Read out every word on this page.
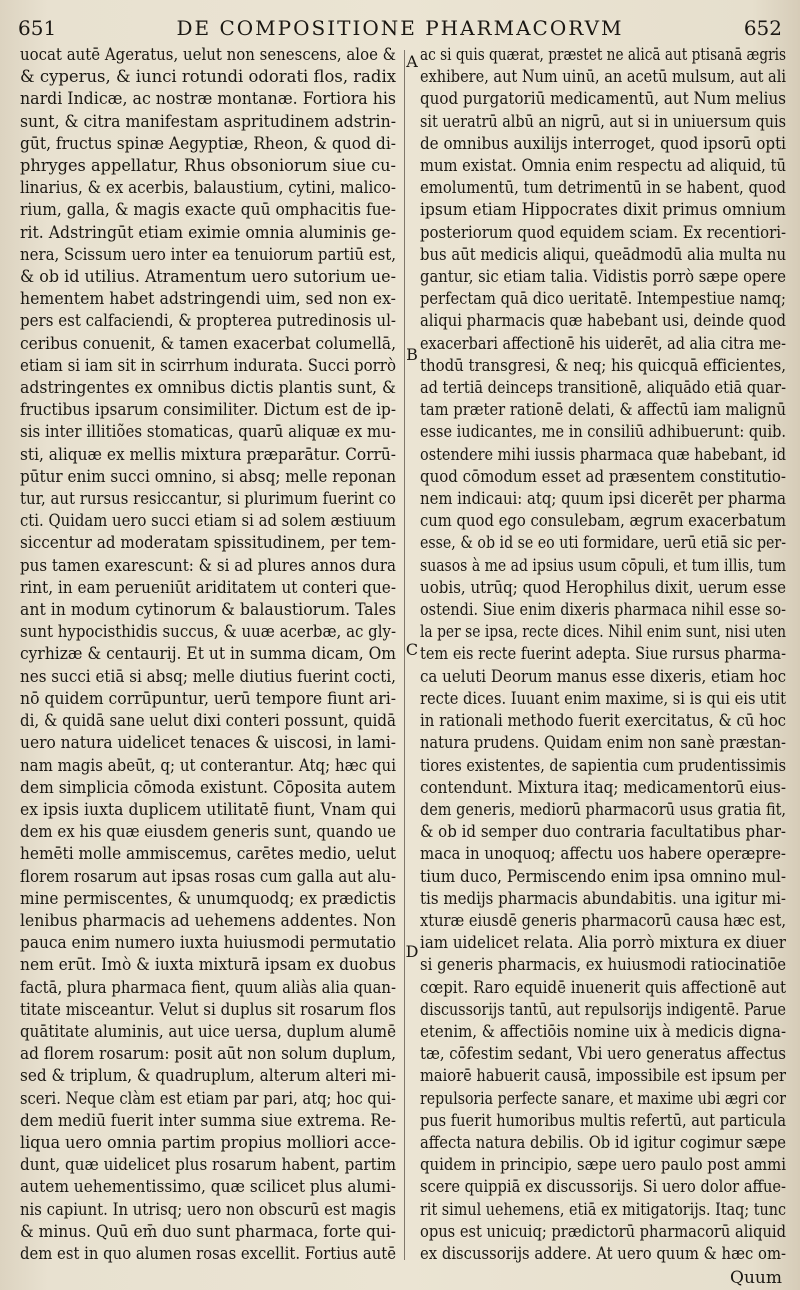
651	DE COMPOSITIONE PHARMACORVM	652
uocat autē Ageratus, uelut non senescens, aloe &
& cyperus, & iunci rotundi odorati flos, radix
nardi Indicæ, ac nostræ montanæ. Fortiora his
sunt, & citra manifestam aspritudinem adstrin-
gūt, fructus spinæ Aegyptiæ, Rheon, & quod di-
phryges appellatur, Rhus obsoniorum siue cu-
linarius, & ex acerbis, balaustium, cytini, malico-
rium, galla, & magis exacte quū omphacitis fue-
rit. Adstringūt etiam eximie omnia aluminis ge-
nera, Scissum uero inter ea tenuiorum partiū est,
& ob id utilius. Atramentum uero sutorium ue-
hementem habet adstringendi uim, sed non ex-
pers est calfaciendi, & propterea putredinosis ul-
ceribus conuenit, & tamen exacerbat columellā,
etiam si iam sit in scirrhum indurata. Succi porrò
adstringentes ex omnibus dictis plantis sunt, &
fructibus ipsarum consimiliter. Dictum est de ip-
sis inter illitiões stomaticas, quarū aliquæ ex mu-
sti, aliquæ ex mellis mixtura præparātur. Corrū-
pūtur enim succi omnino, si absq; melle reponan
tur, aut rursus resiccantur, si plurimum fuerint co
cti. Quidam uero succi etiam si ad solem æstiuum
siccentur ad moderatam spissitudinem, per tem-
pus tamen exarescunt: & si ad plures annos dura
rint, in eam perueniūt ariditatem ut conteri que-
ant in modum cytinorum & balaustiorum. Tales
sunt hypocisthidis succus, & uuæ acerbæ, ac gly-
cyrhizæ & centaurij. Et ut in summa dicam, Om
nes succi etiā si absq; melle diutius fuerint cocti,
nō quidem corrūpuntur, uerū tempore fiunt ari-
di, & quidā sane uelut dixi conteri possunt, quidā
uero natura uidelicet tenaces & uiscosi, in lami-
nam magis abeūt, q; ut conterantur. Atq; hæc qui
dem simplicia cōmoda existunt. Cōposita autem
ex ipsis iuxta duplicem utilitatē fiunt, Vnam qui
dem ex his quæ eiusdem generis sunt, quando ue
hemēti molle ammiscemus, carētes medio, uelut
florem rosarum aut ipsas rosas cum galla aut alu-
mine permiscentes, & unumquodq; ex prædictis
lenibus pharmacis ad uehemens addentes. Non
pauca enim numero iuxta huiusmodi permutatio
nem erūt. Imò & iuxta mixturā ipsam ex duobus
factā, plura pharmaca fient, quum aliàs alia quan-
titate misceantur. Velut si duplus sit rosarum flos
quātitate aluminis, aut uice uersa, duplum alumē
ad florem rosarum: posit aūt non solum duplum,
sed & triplum, & quadruplum, alterum alteri mi-
sceri. Neque clàm est etiam par pari, atq; hoc qui-
dem mediū fuerit inter summa siue extrema. Re-
liqua uero omnia partim propius molliori acce-
dunt, quæ uidelicet plus rosarum habent, partim
autem uehementissimo, quæ scilicet plus alumi-
nis capiunt. In utrisq; uero non obscurū est magis
& minus. Quū em̄ duo sunt pharmaca, forte qui-
dem est in quo alumen rosas excellit. Fortius autē
ac si quis quærat, præstet ne alicā aut ptisanā ægris
exhibere, aut Num uinū, an acetū mulsum, aut ali
quod purgatoriū medicamentū, aut Num melius
sit ueratrū albū an nigrū, aut si in uniuersum quis
de omnibus auxilijs interroget, quod ipsorū opti
mum existat. Omnia enim respectu ad aliquid, tū
emolumentū, tum detrimentū in se habent, quod
ipsum etiam Hippocrates dixit primus omnium
posteriorum quod equidem sciam. Ex recentiori-
bus aūt medicis aliqui, queādmodū alia multa nu
gantur, sic etiam talia. Vidistis porrò sæpe opere
perfectam quā dico ueritatē. Intempestiue namq;
aliqui pharmacis quæ habebant usi, deinde quod
exacerbari affectionē his uiderēt, ad alia citra me-
thodū transgresi, & neq; his quicquā efficientes,
ad tertiā deinceps transitionē, aliquādo etiā quar-
tam præter rationē delati, & affectū iam malignū
esse iudicantes, me in consiliū adhibuerunt: quib.
ostendere mihi iussis pharmaca quæ habebant, id
quod cōmodum esset ad præsentem constitutio-
nem indicaui: atq; quum ipsi dicerēt per pharma
cum quod ego consulebam, ægrum exacerbatum
esse, & ob id se eo uti formidare, uerū etiā sic per-
suasos à me ad ipsius usum cōpuli, et tum illis, tum
uobis, utrūq; quod Herophilus dixit, uerum esse
ostendi. Siue enim dixeris pharmaca nihil esse so-
la per se ipsa, recte dices. Nihil enim sunt, nisi uten
tem eis recte fuerint adepta. Siue rursus pharma-
ca ueluti Deorum manus esse dixeris, etiam hoc
recte dices. Iuuant enim maxime, si is qui eis utit
in rationali methodo fuerit exercitatus, & cū hoc
natura prudens. Quidam enim non sanè præstan-
tiores existentes, de sapientia cum prudentissimis
contendunt. Mixtura itaq; medicamentorū eius-
dem generis, mediorū pharmacorū usus gratia fit,
& ob id semper duo contraria facultatibus phar-
maca in unoquoq; affectu uos habere operæpre-
tium duco, Permiscendo enim ipsa omnino mul-
tis medijs pharmacis abundabitis. una igitur mi-
xturæ eiusdē generis pharmacorū causa hæc est,
iam uidelicet relata. Alia porrò mixtura ex diuer
si generis pharmacis, ex huiusmodi ratiocinatiōe
cœpit. Raro equidē inuenerit quis affectionē aut
discussorijs tantū, aut repulsorijs indigentē. Parue
etenim, & affectiōis nomine uix à medicis digna-
tæ, cōfestim sedant, Vbi uero generatus affectus
maiorē habuerit causā, impossibile est ipsum per
repulsoria perfecte sanare, et maxime ubi ægri cor
pus fuerit humoribus multis refertū, aut particula
affecta natura debilis. Ob id igitur cogimur sæpe
quidem in principio, sæpe uero paulo post ammi
scere quippiā ex discussorijs. Si uero dolor affue-
rit simul uehemens, etiā ex mitigatorijs. Itaq; tunc
opus est unicuiq; prædictorū pharmacorū aliquid
ex discussorijs addere. At uero quum & hæc om-
A
B
C
D
Quum
